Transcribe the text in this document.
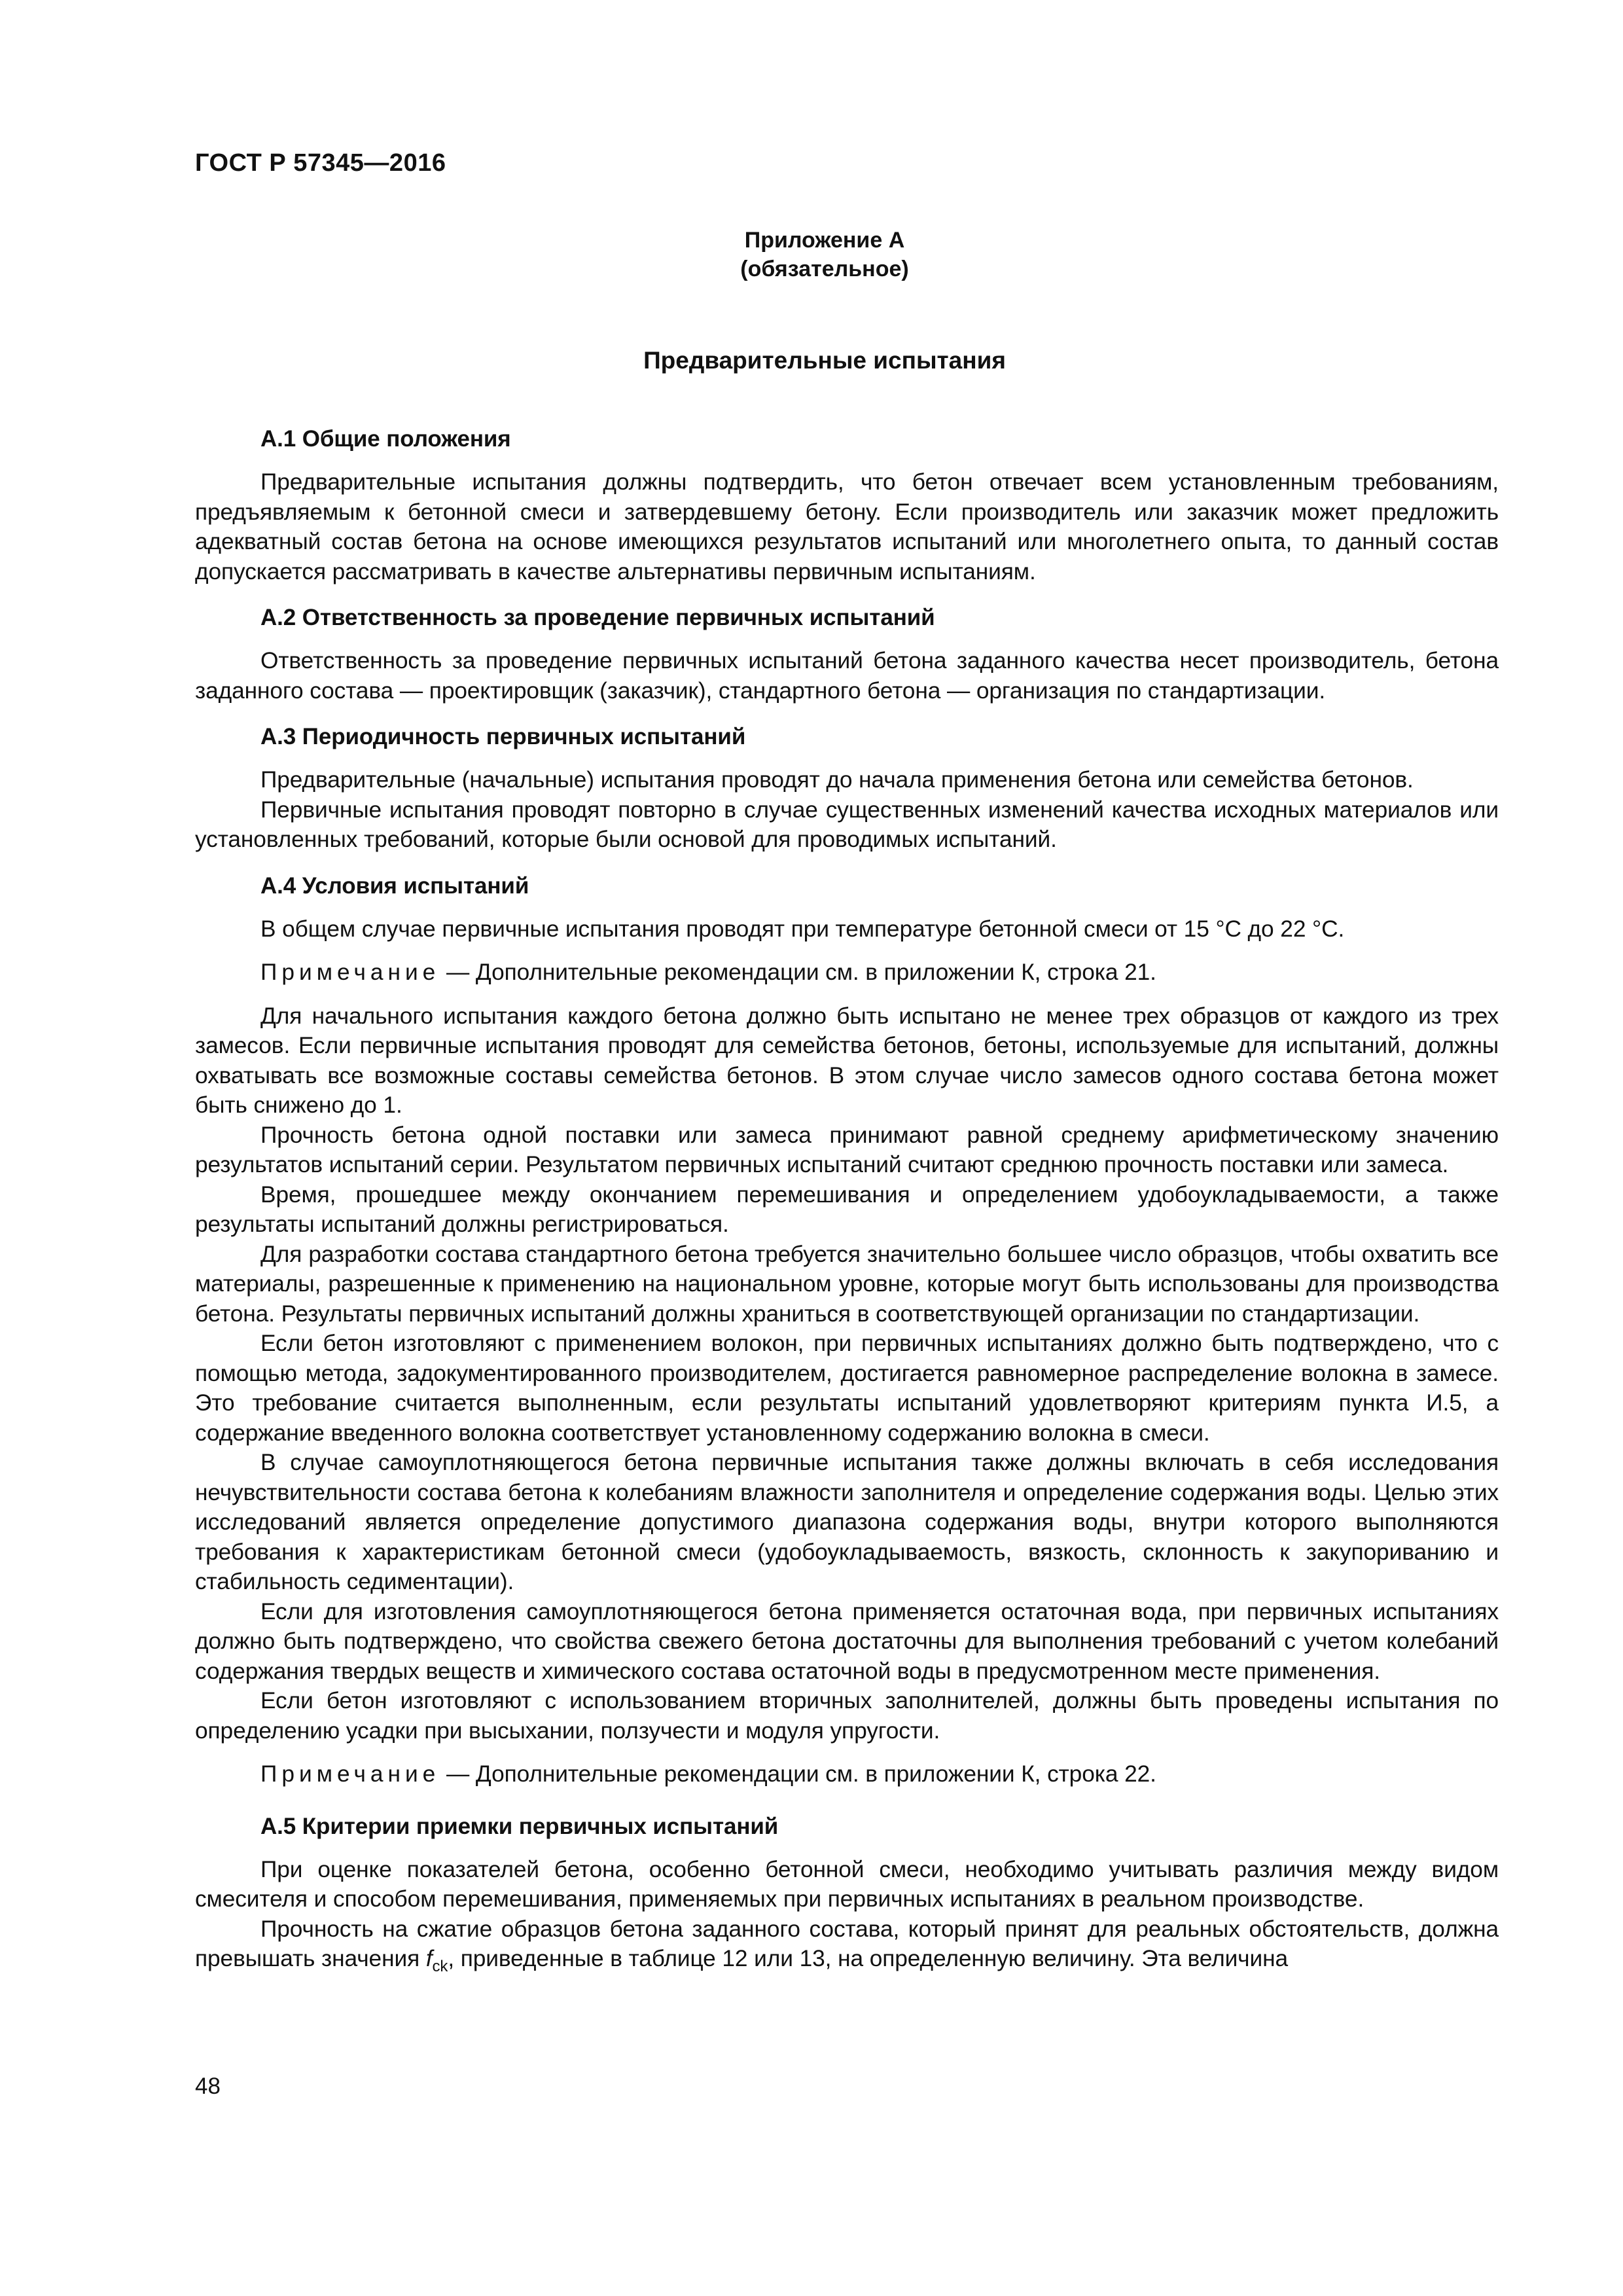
ГОСТ Р 57345—2016
Приложение А
(обязательное)
Предварительные испытания
А.1 Общие положения

Предварительные испытания должны подтвердить, что бетон отвечает всем установленным требованиям, предъявляемым к бетонной смеси и затвердевшему бетону. Если производитель или заказчик может предложить адекватный состав бетона на основе имеющихся результатов испытаний или многолетнего опыта, то данный состав допускается рассматривать в качестве альтернативы первичным испытаниям.

А.2 Ответственность за проведение первичных испытаний

Ответственность за проведение первичных испытаний бетона заданного качества несет производитель, бетона заданного состава — проектировщик (заказчик), стандартного бетона — организация по стандартизации.

А.3 Периодичность первичных испытаний

Предварительные (начальные) испытания проводят до начала применения бетона или семейства бетонов.

Первичные испытания проводят повторно в случае существенных изменений качества исходных материалов или установленных требований, которые были основой для проводимых испытаний.

А.4 Условия испытаний

В общем случае первичные испытания проводят при температуре бетонной смеси от 15 °С до 22 °С.

Примечание — Дополнительные рекомендации см. в приложении К, строка 21.

Для начального испытания каждого бетона должно быть испытано не менее трех образцов от каждого из трех замесов. Если первичные испытания проводят для семейства бетонов, бетоны, используемые для испытаний, должны охватывать все возможные составы семейства бетонов. В этом случае число замесов одного состава бетона может быть снижено до 1.

Прочность бетона одной поставки или замеса принимают равной среднему арифметическому значению результатов испытаний серии. Результатом первичных испытаний считают среднюю прочность поставки или замеса.

Время, прошедшее между окончанием перемешивания и определением удобоукладываемости, а также результаты испытаний должны регистрироваться.

Для разработки состава стандартного бетона требуется значительно большее число образцов, чтобы охватить все материалы, разрешенные к применению на национальном уровне, которые могут быть использованы для производства бетона. Результаты первичных испытаний должны храниться в соответствующей организации по стандартизации.

Если бетон изготовляют с применением волокон, при первичных испытаниях должно быть подтверждено, что с помощью метода, задокументированного производителем, достигается равномерное распределение волокна в замесе. Это требование считается выполненным, если результаты испытаний удовлетворяют критериям пункта И.5, а содержание введенного волокна соответствует установленному содержанию волокна в смеси.

В случае самоуплотняющегося бетона первичные испытания также должны включать в себя исследования нечувствительности состава бетона к колебаниям влажности заполнителя и определение содержания воды. Целью этих исследований является определение допустимого диапазона содержания воды, внутри которого выполняются требования к характеристикам бетонной смеси (удобоукладываемость, вязкость, склонность к закупориванию и стабильность седиментации).

Если для изготовления самоуплотняющегося бетона применяется остаточная вода, при первичных испытаниях должно быть подтверждено, что свойства свежего бетона достаточны для выполнения требований с учетом колебаний содержания твердых веществ и химического состава остаточной воды в предусмотренном месте применения.

Если бетон изготовляют с использованием вторичных заполнителей, должны быть проведены испытания по определению усадки при высыхании, ползучести и модуля упругости.

Примечание — Дополнительные рекомендации см. в приложении К, строка 22.

А.5 Критерии приемки первичных испытаний

При оценке показателей бетона, особенно бетонной смеси, необходимо учитывать различия между видом смесителя и способом перемешивания, применяемых при первичных испытаниях в реальном производстве.

Прочность на сжатие образцов бетона заданного состава, который принят для реальных обстоятельств, должна превышать значения $f_{ck}$, приведенные в таблице 12 или 13, на определенную величину. Эта величина

48
